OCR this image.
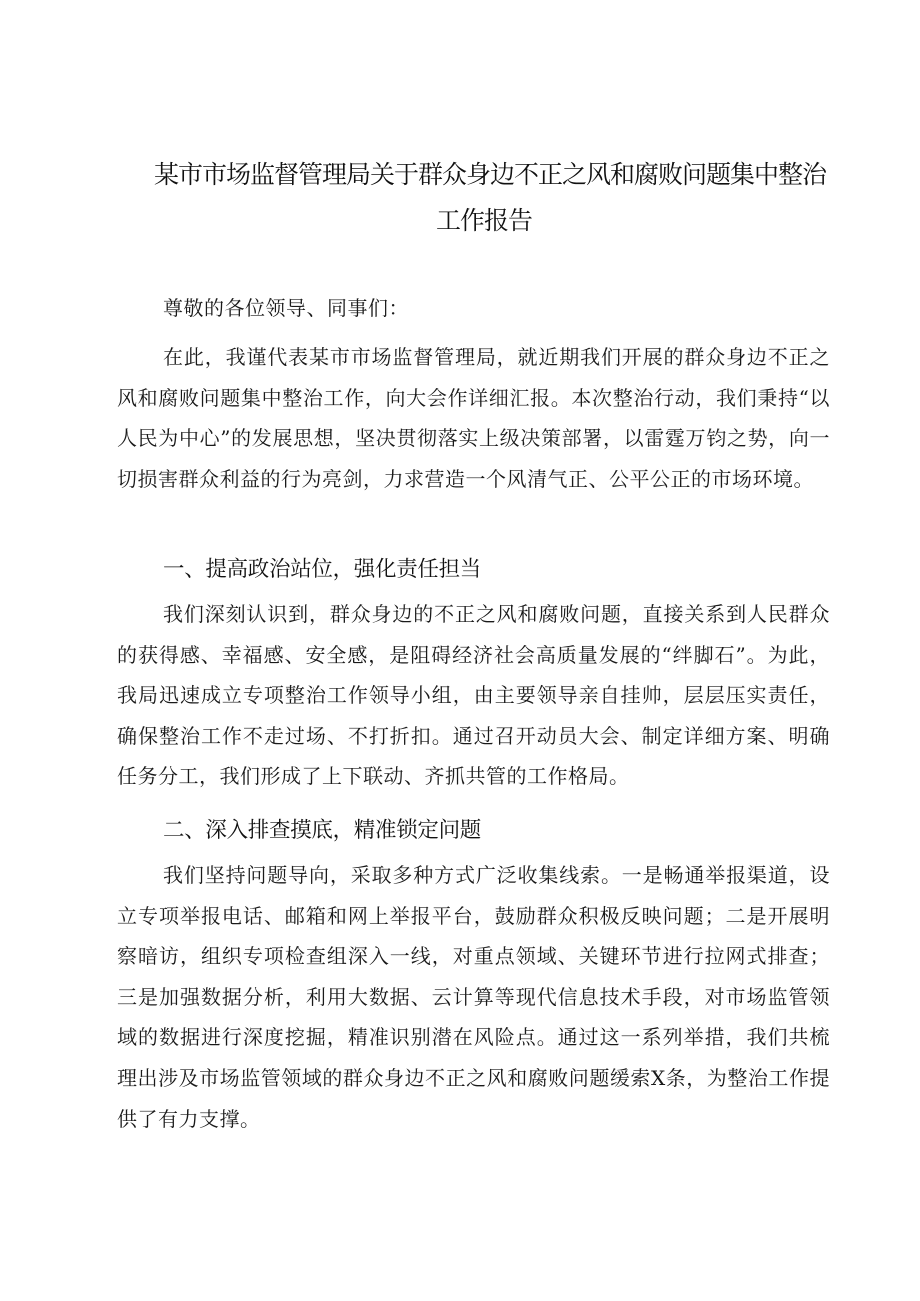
某市市场监督管理局关于群众身边不正之风和腐败问题集中整治
工作报告
尊敬的各位领导、同事们：

在此，我谨代表某市市场监督管理局，就近期我们开展的群众身边不正之风和腐败问题集中整治工作，向大会作详细汇报。本次整治行动，我们秉持“以人民为中心”的发展思想，坚决贯彻落实上级决策部署，以雷霆万钧之势，向一切损害群众利益的行为亮剑，力求营造一个风清气正、公平公正的市场环境。

一、提高政治站位，强化责任担当

我们深刻认识到，群众身边的不正之风和腐败问题，直接关系到人民群众的获得感、幸福感、安全感，是阻碍经济社会高质量发展的“绊脚石”。为此，我局迅速成立专项整治工作领导小组，由主要领导亲自挂帅，层层压实责任，确保整治工作不走过场、不打折扣。通过召开动员大会、制定详细方案、明确任务分工，我们形成了上下联动、齐抓共管的工作格局。

二、深入排查摸底，精准锁定问题

我们坚持问题导向，采取多种方式广泛收集线索。一是畅通举报渠道，设立专项举报电话、邮箱和网上举报平台，鼓励群众积极反映问题；二是开展明察暗访，组织专项检查组深入一线，对重点领域、关键环节进行拉网式排查；三是加强数据分析，利用大数据、云计算等现代信息技术手段，对市场监管领域的数据进行深度挖掘，精准识别潜在风险点。通过这一系列举措，我们共梳理出涉及市场监管领域的群众身边不正之风和腐败问题缓索X条，为整治工作提供了有力支撑。
